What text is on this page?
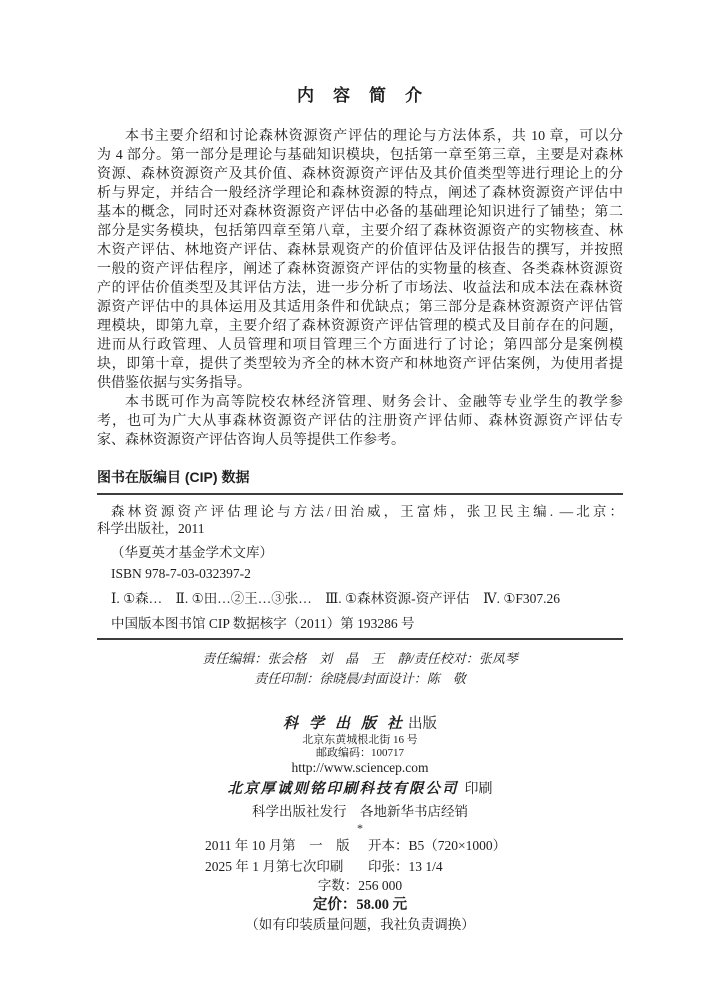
内　容　简　介
本书主要介绍和讨论森林资源资产评估的理论与方法体系，共 10 章，可以分
为 4 部分。第一部分是理论与基础知识模块，包括第一章至第三章，主要是对森林
资源、森林资源资产及其价值、森林资源资产评估及其价值类型等进行理论上的分
析与界定，并结合一般经济学理论和森林资源的特点，阐述了森林资源资产评估中
基本的概念，同时还对森林资源资产评估中必备的基础理论知识进行了铺垫；第二
部分是实务模块，包括第四章至第八章，主要介绍了森林资源资产的实物核查、林
木资产评估、林地资产评估、森林景观资产的价值评估及评估报告的撰写，并按照
一般的资产评估程序，阐述了森林资源资产评估的实物量的核查、各类森林资源资
产的评估价值类型及其评估方法，进一步分析了市场法、收益法和成本法在森林资
源资产评估中的具体运用及其适用条件和优缺点；第三部分是森林资源资产评估管
理模块，即第九章，主要介绍了森林资源资产评估管理的模式及目前存在的问题，
进而从行政管理、人员管理和项目管理三个方面进行了讨论；第四部分是案例模
块，即第十章，提供了类型较为齐全的林木资产和林地资产评估案例，为使用者提
供借鉴依据与实务指导。
本书既可作为高等院校农林经济管理、财务会计、金融等专业学生的教学参
考，也可为广大从事森林资源资产评估的注册资产评估师、森林资源资产评估专
家、森林资源资产评估咨询人员等提供工作参考。
图书在版编目 (CIP) 数据
森林资源资产评估理论与方法/田治威，王富炜，张卫民主编. —北京：
科学出版社，2011
（华夏英才基金学术文库）
ISBN 978-7-03-032397-2
Ⅰ. ①森…　Ⅱ. ①田…②王…③张…　Ⅲ. ①森林资源-资产评估　Ⅳ. ①F307.26
中国版本图书馆 CIP 数据核字（2011）第 193286 号
责任编辑：张会格　刘　晶　王　静/责任校对：张凤琴
责任印制：徐晓晨/封面设计：陈　敬
科学出版社出版
北京东黄城根北街 16 号
邮政编码：100717
http://www.sciencep.com
北京厚诚则铭印刷科技有限公司 印刷
科学出版社发行　各地新华书店经销
*
2011 年 10 月第　一　版	开本：B5（720×1000）
2025 年 1 月第七次印刷	印张：13 1/4
字数：256 000
定价：58.00 元
（如有印装质量问题，我社负责调换）
